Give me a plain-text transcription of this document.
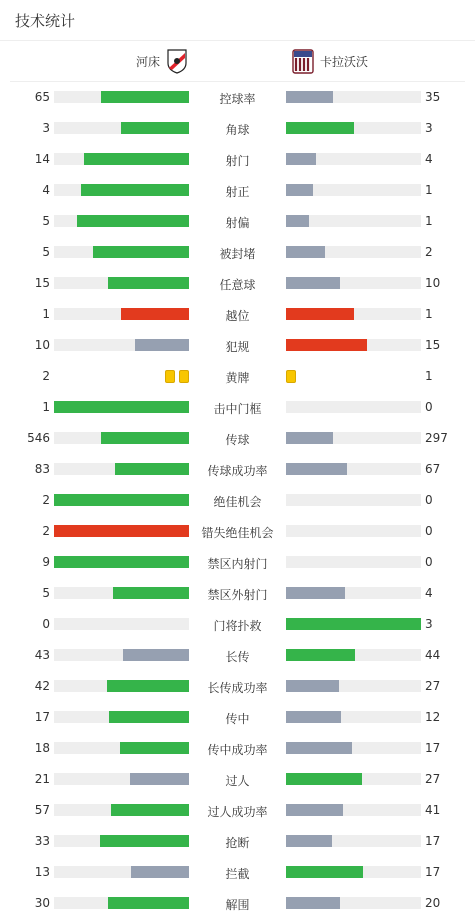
技术统计
河床	卡拉沃沃
65	控球率	35
3	角球	3
14	射门	4
4	射正	1
5	射偏	1
5	被封堵	2
15	任意球	10
1	越位	1
10	犯规	15
2	黄牌	1
1	击中门框	0
546	传球	297
83	传球成功率	67
2	绝佳机会	0
2	错失绝佳机会	0
9	禁区内射门	0
5	禁区外射门	4
0	门将扑救	3
43	长传	44
42	长传成功率	27
17	传中	12
18	传中成功率	17
21	过人	27
57	过人成功率	41
33	抢断	17
13	拦截	17
30	解围	20
